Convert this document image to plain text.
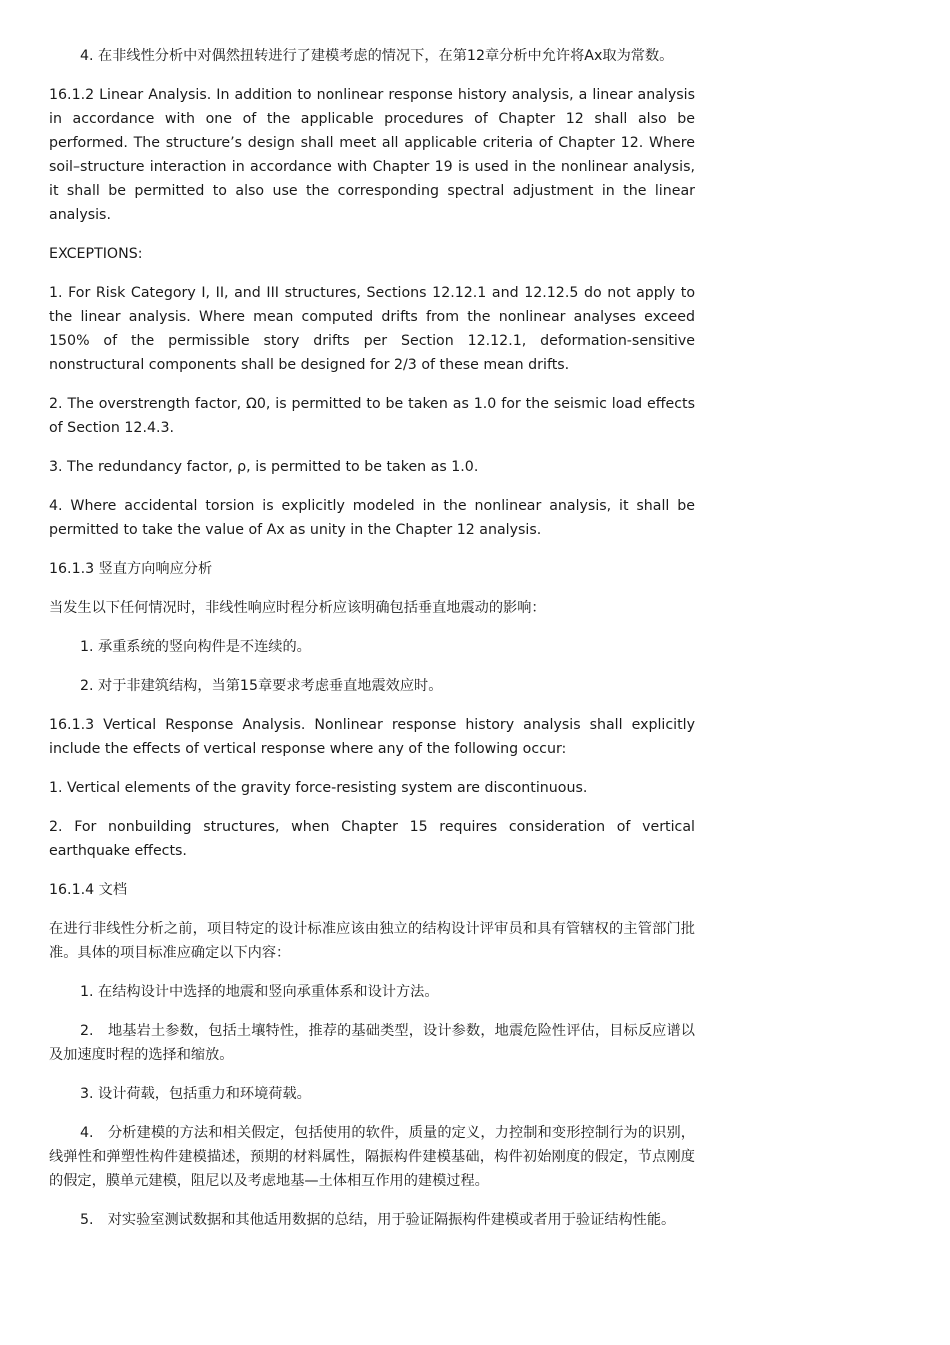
4. 在非线性分析中对偶然扭转进行了建模考虑的情况下，在第12章分析中允许将Ax取为常数。

16.1.2 Linear Analysis. In addition to nonlinear response history analysis, a linear analysis in accordance with one of the applicable procedures of Chapter 12 shall also be performed. The structure’s design shall meet all applicable criteria of Chapter 12. Where soil–structure interaction in accordance with Chapter 19 is used in the nonlinear analysis, it shall be permitted to also use the corresponding spectral adjustment in the linear analysis.

EXCEPTIONS:

1. For Risk Category I, II, and III structures, Sections 12.12.1 and 12.12.5 do not apply to the linear analysis. Where mean computed drifts from the nonlinear analyses exceed 150% of the permissible story drifts per Section 12.12.1, deformation-sensitive nonstructural components shall be designed for 2/3 of these mean drifts.

2. The overstrength factor, Ω0, is permitted to be taken as 1.0 for the seismic load effects of Section 12.4.3.

3. The redundancy factor, ρ, is permitted to be taken as 1.0.

4. Where accidental torsion is explicitly modeled in the nonlinear analysis, it shall be permitted to take the value of Ax as unity in the Chapter 12 analysis.

16.1.3 竖直方向响应分析

当发生以下任何情况时，非线性响应时程分析应该明确包括垂直地震动的影响：

1. 承重系统的竖向构件是不连续的。

2. 对于非建筑结构，当第15章要求考虑垂直地震效应时。

16.1.3 Vertical Response Analysis. Nonlinear response history analysis shall explicitly include the effects of vertical response where any of the following occur:

1. Vertical elements of the gravity force-resisting system are discontinuous.

2. For nonbuilding structures, when Chapter 15 requires consideration of vertical earthquake effects.

16.1.4 文档

在进行非线性分析之前，项目特定的设计标准应该由独立的结构设计评审员和具有管辖权的主管部门批准。具体的项目标准应确定以下内容：

1. 在结构设计中选择的地震和竖向承重体系和设计方法。

2.　地基岩土参数，包括土壤特性，推荐的基础类型，设计参数，地震危险性评估，目标反应谱以及加速度时程的选择和缩放。

3. 设计荷载，包括重力和环境荷载。

4.　分析建模的方法和相关假定，包括使用的软件，质量的定义，力控制和变形控制行为的识别，线弹性和弹塑性构件建模描述，预期的材料属性，隔振构件建模基础，构件初始刚度的假定，节点刚度的假定，膜单元建模，阻尼以及考虑地基—土体相互作用的建模过程。

5.　对实验室测试数据和其他适用数据的总结，用于验证隔振构件建模或者用于验证结构性能。
